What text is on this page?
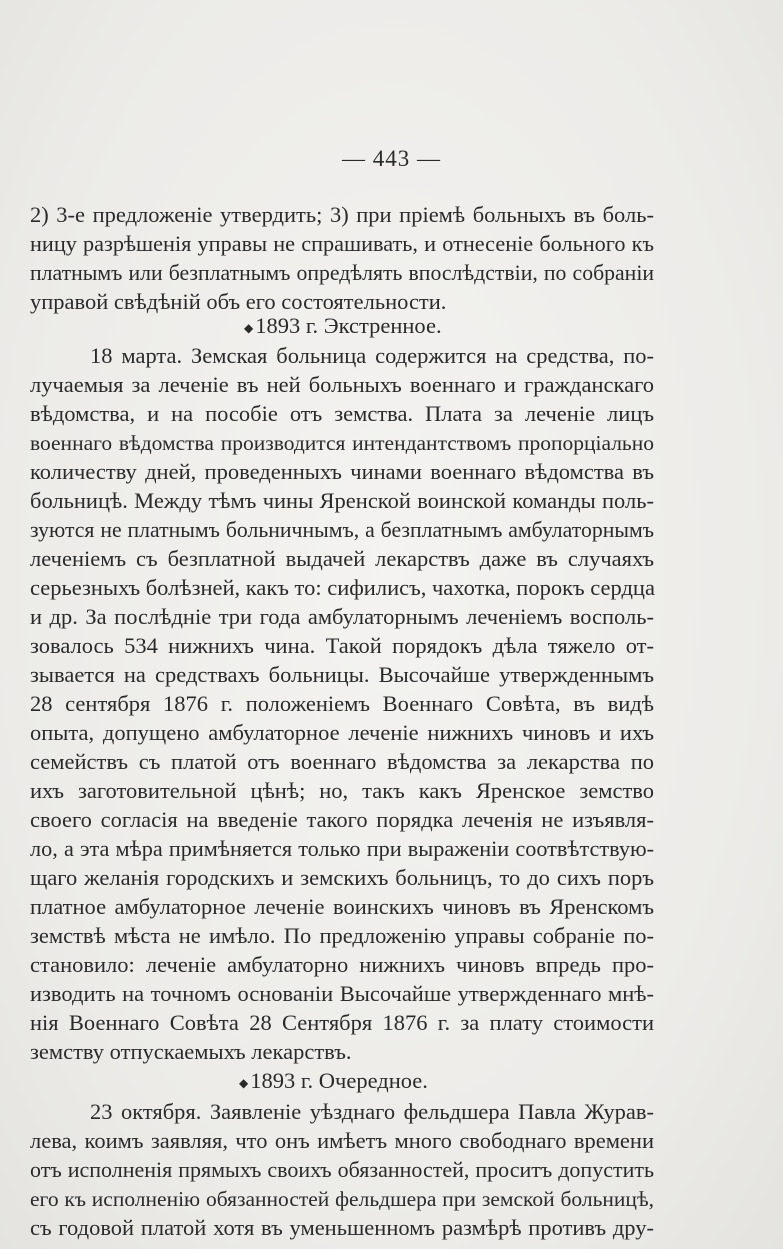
— 443 —
2) 3-е предложеніе утвердить; 3) при пріемѣ больныхъ въ боль-
ницу разрѣшенія управы не спрашивать, и отнесеніе больного къ
платнымъ или безплатнымъ опредѣлять впослѣдствіи, по собраніи
управой свѣдѣній объ его состоятельности.
◆1893 г. Экстренное.
18 марта. Земская больница содержится на средства, по-
лучаемыя за леченіе въ ней больныхъ военнаго и гражданскаго
вѣдомства, и на пособіе отъ земства. Плата за леченіе лицъ
военнаго вѣдомства производится интендантствомъ пропорціально
количеству дней, проведенныхъ чинами военнаго вѣдомства въ
больницѣ. Между тѣмъ чины Яренской воинской команды поль-
зуются не платнымъ больничнымъ, а безплатнымъ амбулаторнымъ
леченіемъ съ безплатной выдачей лекарствъ даже въ случаяхъ
серьезныхъ болѣзней, какъ то: сифилисъ, чахотка, порокъ сердца
и др. За послѣдніе три года амбулаторнымъ леченіемъ восполь-
зовалось 534 нижнихъ чина. Такой порядокъ дѣла тяжело от-
зывается на средствахъ больницы. Высочайше утвержденнымъ
28 сентября 1876 г. положеніемъ Военнаго Совѣта, въ видѣ
опыта, допущено амбулаторное леченіе нижнихъ чиновъ и ихъ
семействъ съ платой отъ военнаго вѣдомства за лекарства по
ихъ заготовительной цѣнѣ; но, такъ какъ Яренское земство
своего согласія на введеніе такого порядка леченія не изъявля-
ло, а эта мѣра примѣняется только при выраженіи соотвѣтствую-
щаго желанія городскихъ и земскихъ больницъ, то до сихъ поръ
платное амбулаторное леченіе воинскихъ чиновъ въ Яренскомъ
земствѣ мѣста не имѣло. По предложенію управы собраніе по-
становило: леченіе амбулаторно нижнихъ чиновъ впредь про-
изводить на точномъ основаніи Высочайше утвержденнаго мнѣ-
нія Военнаго Совѣта 28 Сентября 1876 г. за плату стоимости
земству отпускаемыхъ лекарствъ.
◆1893 г. Очередное.
23 октября. Заявленіе уѣзднаго фельдшера Павла Журав-
лева, коимъ заявляя, что онъ имѣетъ много свободнаго времени
отъ исполненія прямыхъ своихъ обязанностей, проситъ допустить
его къ исполненію обязанностей фельдшера при земской больницѣ,
съ годовой платой хотя въ уменьшенномъ размѣрѣ противъ дру-
